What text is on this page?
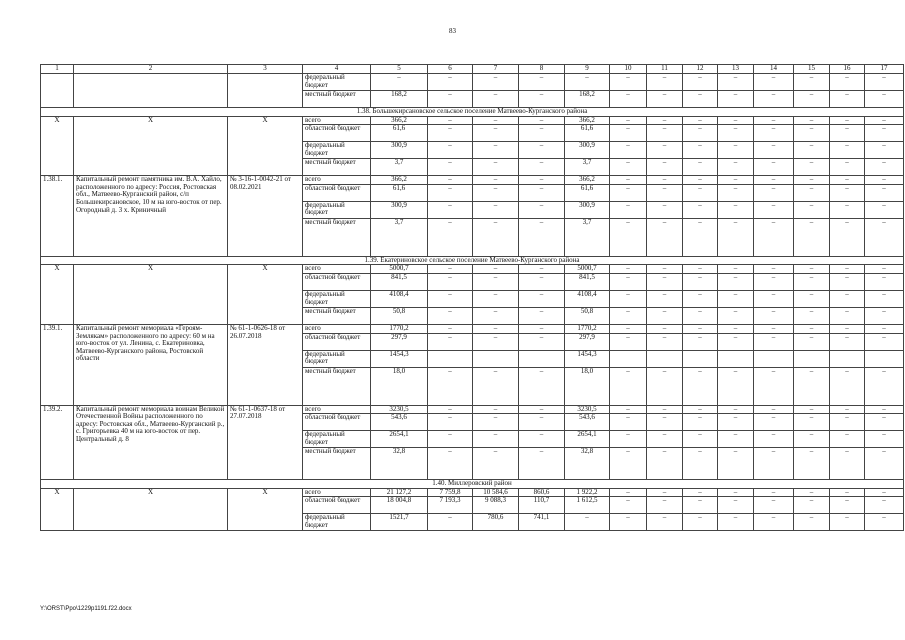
83
1	2	3	4	5	6	7	8	9	10	11	12	13	14	15	16	17
			федеральный бюджет	–	–	–	–	–	–	–	–	–	–	–	–	–
			местный бюджет	168,2	–	–	–	168,2	–	–	–	–	–	–	–	–
1.38. Большекирсановское сельское поселение Матвеево-Курганского района																
Х	Х	Х	всего	366,2	–	–	–	366,2	–	–	–	–	–	–	–	–
			областной бюджет	61,6	–	–	–	61,6	–	–	–	–	–	–	–	–
			федеральный бюджет	300,9	–	–	–	300,9	–	–	–	–	–	–	–	–
			местный бюджет	3,7	–	–	–	3,7	–	–	–	–	–	–	–	–
1.38.1.	Капитальный ремонт памятника им. В.А. Хайло, расположенного по адресу: Россия, Ростовская обл., Матвеево-Курганский район, с/п Большекирсановское, 10 м на юго-восток от пер. Огородный д. 3 х. Криничный	№ 3-16-1-0042-21 от 08.02.2021	всего	366,2	–	–	–	366,2	–	–	–	–	–	–	–	–
			областной бюджет	61,6	–	–	–	61,6	–	–	–	–	–	–	–	–
			федеральный бюджет	300,9	–	–	–	300,9	–	–	–	–	–	–	–	–
			местный бюджет	3,7	–	–	–	3,7	–	–	–	–	–	–	–	–
1.39. Екатериновское сельское поселение Матвеево-Курганского района																
Х	Х	Х	всего	5000,7	–	–	–	5000,7	–	–	–	–	–	–	–	–
			областной бюджет	841,5	–	–	–	841,5	–	–	–	–	–	–	–	–
			федеральный бюджет	4108,4	–	–	–	4108,4	–	–	–	–	–	–	–	–
			местный бюджет	50,8	–	–	–	50,8	–	–	–	–	–	–	–	–
1.39.1.	Капитальный ремонт мемориала «Героям-Землякам» расположенного по адресу: 60 м на юго-восток от ул. Ленина, с. Екатериновка, Матвеево-Курганского района, Ростовской области	№ 61-1-0626-18 от 26.07.2018	всего	1770,2	–	–	–	1770,2	–	–	–	–	–	–	–	–
			областной бюджет	297,9	–	–	–	297,9	–	–	–	–	–	–	–	–
			федеральный бюджет	1454,3				1454,3								
			местный бюджет	18,0	–	–	–	18,0	–	–	–	–	–	–	–	–
1.39.2.	Капитальный ремонт мемориала воинам Великой Отечественной Войны расположенного по адресу: Ростовская обл., Матвеево-Курганский р., с. Григорьевка 40 м на юго-восток от пер. Центральный д. 8	№ 61-1-0637-18 от 27.07.2018	всего	3230,5	–	–	–	3230,5	–	–	–	–	–	–	–	–
			областной бюджет	543,6	–	–	–	543,6	–	–	–	–	–	–	–	–
			федеральный бюджет	2654,1	–	–	–	2654,1	–	–	–	–	–	–	–	–
			местный бюджет	32,8	–	–	–	32,8	–	–	–	–	–	–	–	–
1.40. Миллеровский район																
Х	Х	Х	всего	21 127,2	7 759,8	10 584,6	860,6	1 922,2	–	–	–	–	–	–	–	–
			областной бюджет	18 004,8	7 193,3	9 088,3	110,7	1 612,5	–	–	–	–	–	–	–	–
			федеральный бюджет	1521,7	–	780,6	741,1	–	–	–	–	–	–	–	–	–
Y:\ORST\Ppo\1229p1191.f22.docx
